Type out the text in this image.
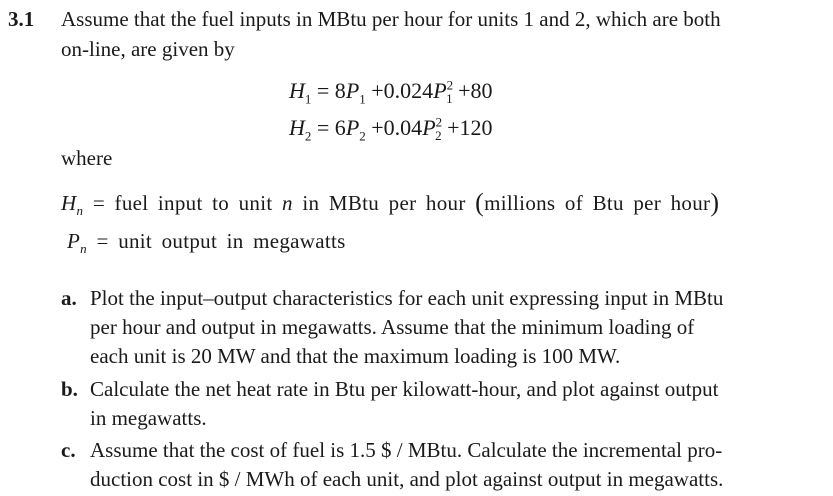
3.1 Assume that the fuel inputs in MBtu per hour for units 1 and 2, which are both
on-line, are given by
$H_1 = 8P_1 +0.024P^2_1 +80$
$H_2 = 6P_2 +0.04P^2_2 +120$
where
$H_n$ = fuel input to unit n in MBtu per hour (millions of Btu per hour)
$P_n$ = unit output in megawatts
a. Plot the input–output characteristics for each unit expressing input in MBtu
per hour and output in megawatts. Assume that the minimum loading of
each unit is 20 MW and that the maximum loading is 100 MW.
b. Calculate the net heat rate in Btu per kilowatt-hour, and plot against output
in megawatts.
c. Assume that the cost of fuel is 1.5 $ / MBtu. Calculate the incremental pro-
duction cost in $ / MWh of each unit, and plot against output in megawatts.
